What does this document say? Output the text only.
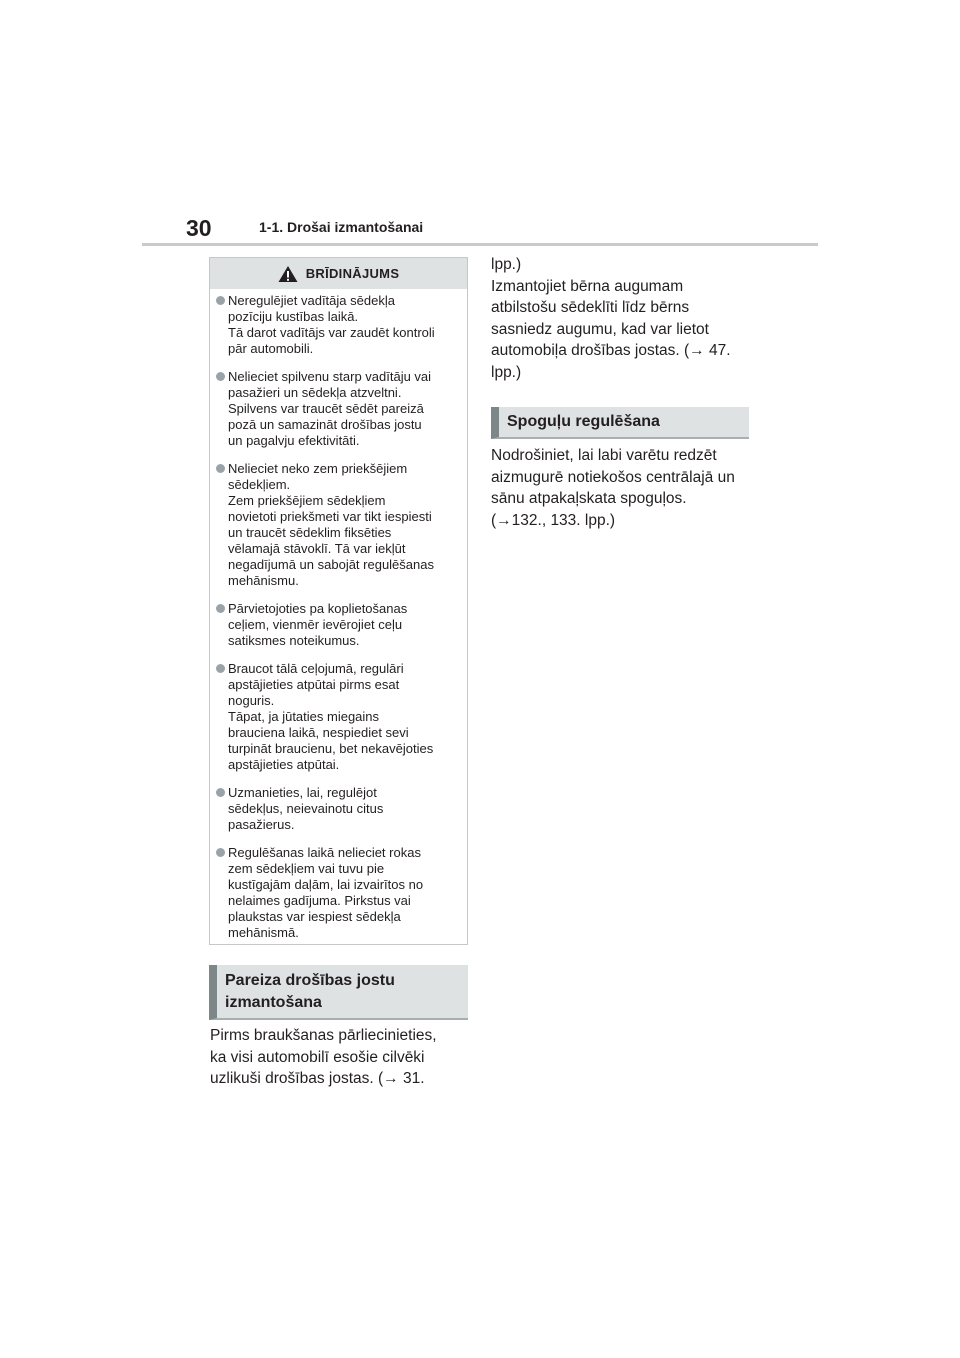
30	1-1. Drošai izmantošanai
BRĪDINĀJUMS
Neregulējiet vadītāja sēdekļa
pozīciju kustības laikā.
Tā darot vadītājs var zaudēt kontroli
pār automobili.
Nelieciet spilvenu starp vadītāju vai
pasažieri un sēdekļa atzveltni.
Spilvens var traucēt sēdēt pareizā
pozā un samazināt drošības jostu
un pagalvju efektivitāti.
Nelieciet neko zem priekšējiem
sēdekļiem.
Zem priekšējiem sēdekļiem
novietoti priekšmeti var tikt iespiesti
un traucēt sēdeklim fiksēties
vēlamajā stāvoklī. Tā var iekļūt
negadījumā un sabojāt regulēšanas
mehānismu.
Pārvietojoties pa koplietošanas
ceļiem, vienmēr ievērojiet ceļu
satiksmes noteikumus.
Braucot tālā ceļojumā, regulāri
apstājieties atpūtai pirms esat
noguris.
Tāpat, ja jūtaties miegains
brauciena laikā, nespiediet sevi
turpināt braucienu, bet nekavējoties
apstājieties atpūtai.
Uzmanieties, lai, regulējot
sēdekļus, neievainotu citus
pasažierus.
Regulēšanas laikā nelieciet rokas
zem sēdekļiem vai tuvu pie
kustīgajām daļām, lai izvairītos no
nelaimes gadījuma. Pirkstus vai
plaukstas var iespiest sēdekļa
mehānismā.
Pareiza drošības jostu
izmantošana

Pirms braukšanas pārliecinieties,
ka visi automobilī esošie cilvēki
uzlikuši drošības jostas. (→ 31.

lpp.)
Izmantojiet bērna augumam
atbilstošu sēdeklīti līdz bērns
sasniedz augumu, kad var lietot
automobiļa drošības jostas. (→ 47.
lpp.)

Spoguļu regulēšana

Nodrošiniet, lai labi varētu redzēt
aizmugurē notiekošos centrālajā un
sānu atpakaļskata spoguļos.
(→132., 133. lpp.)
